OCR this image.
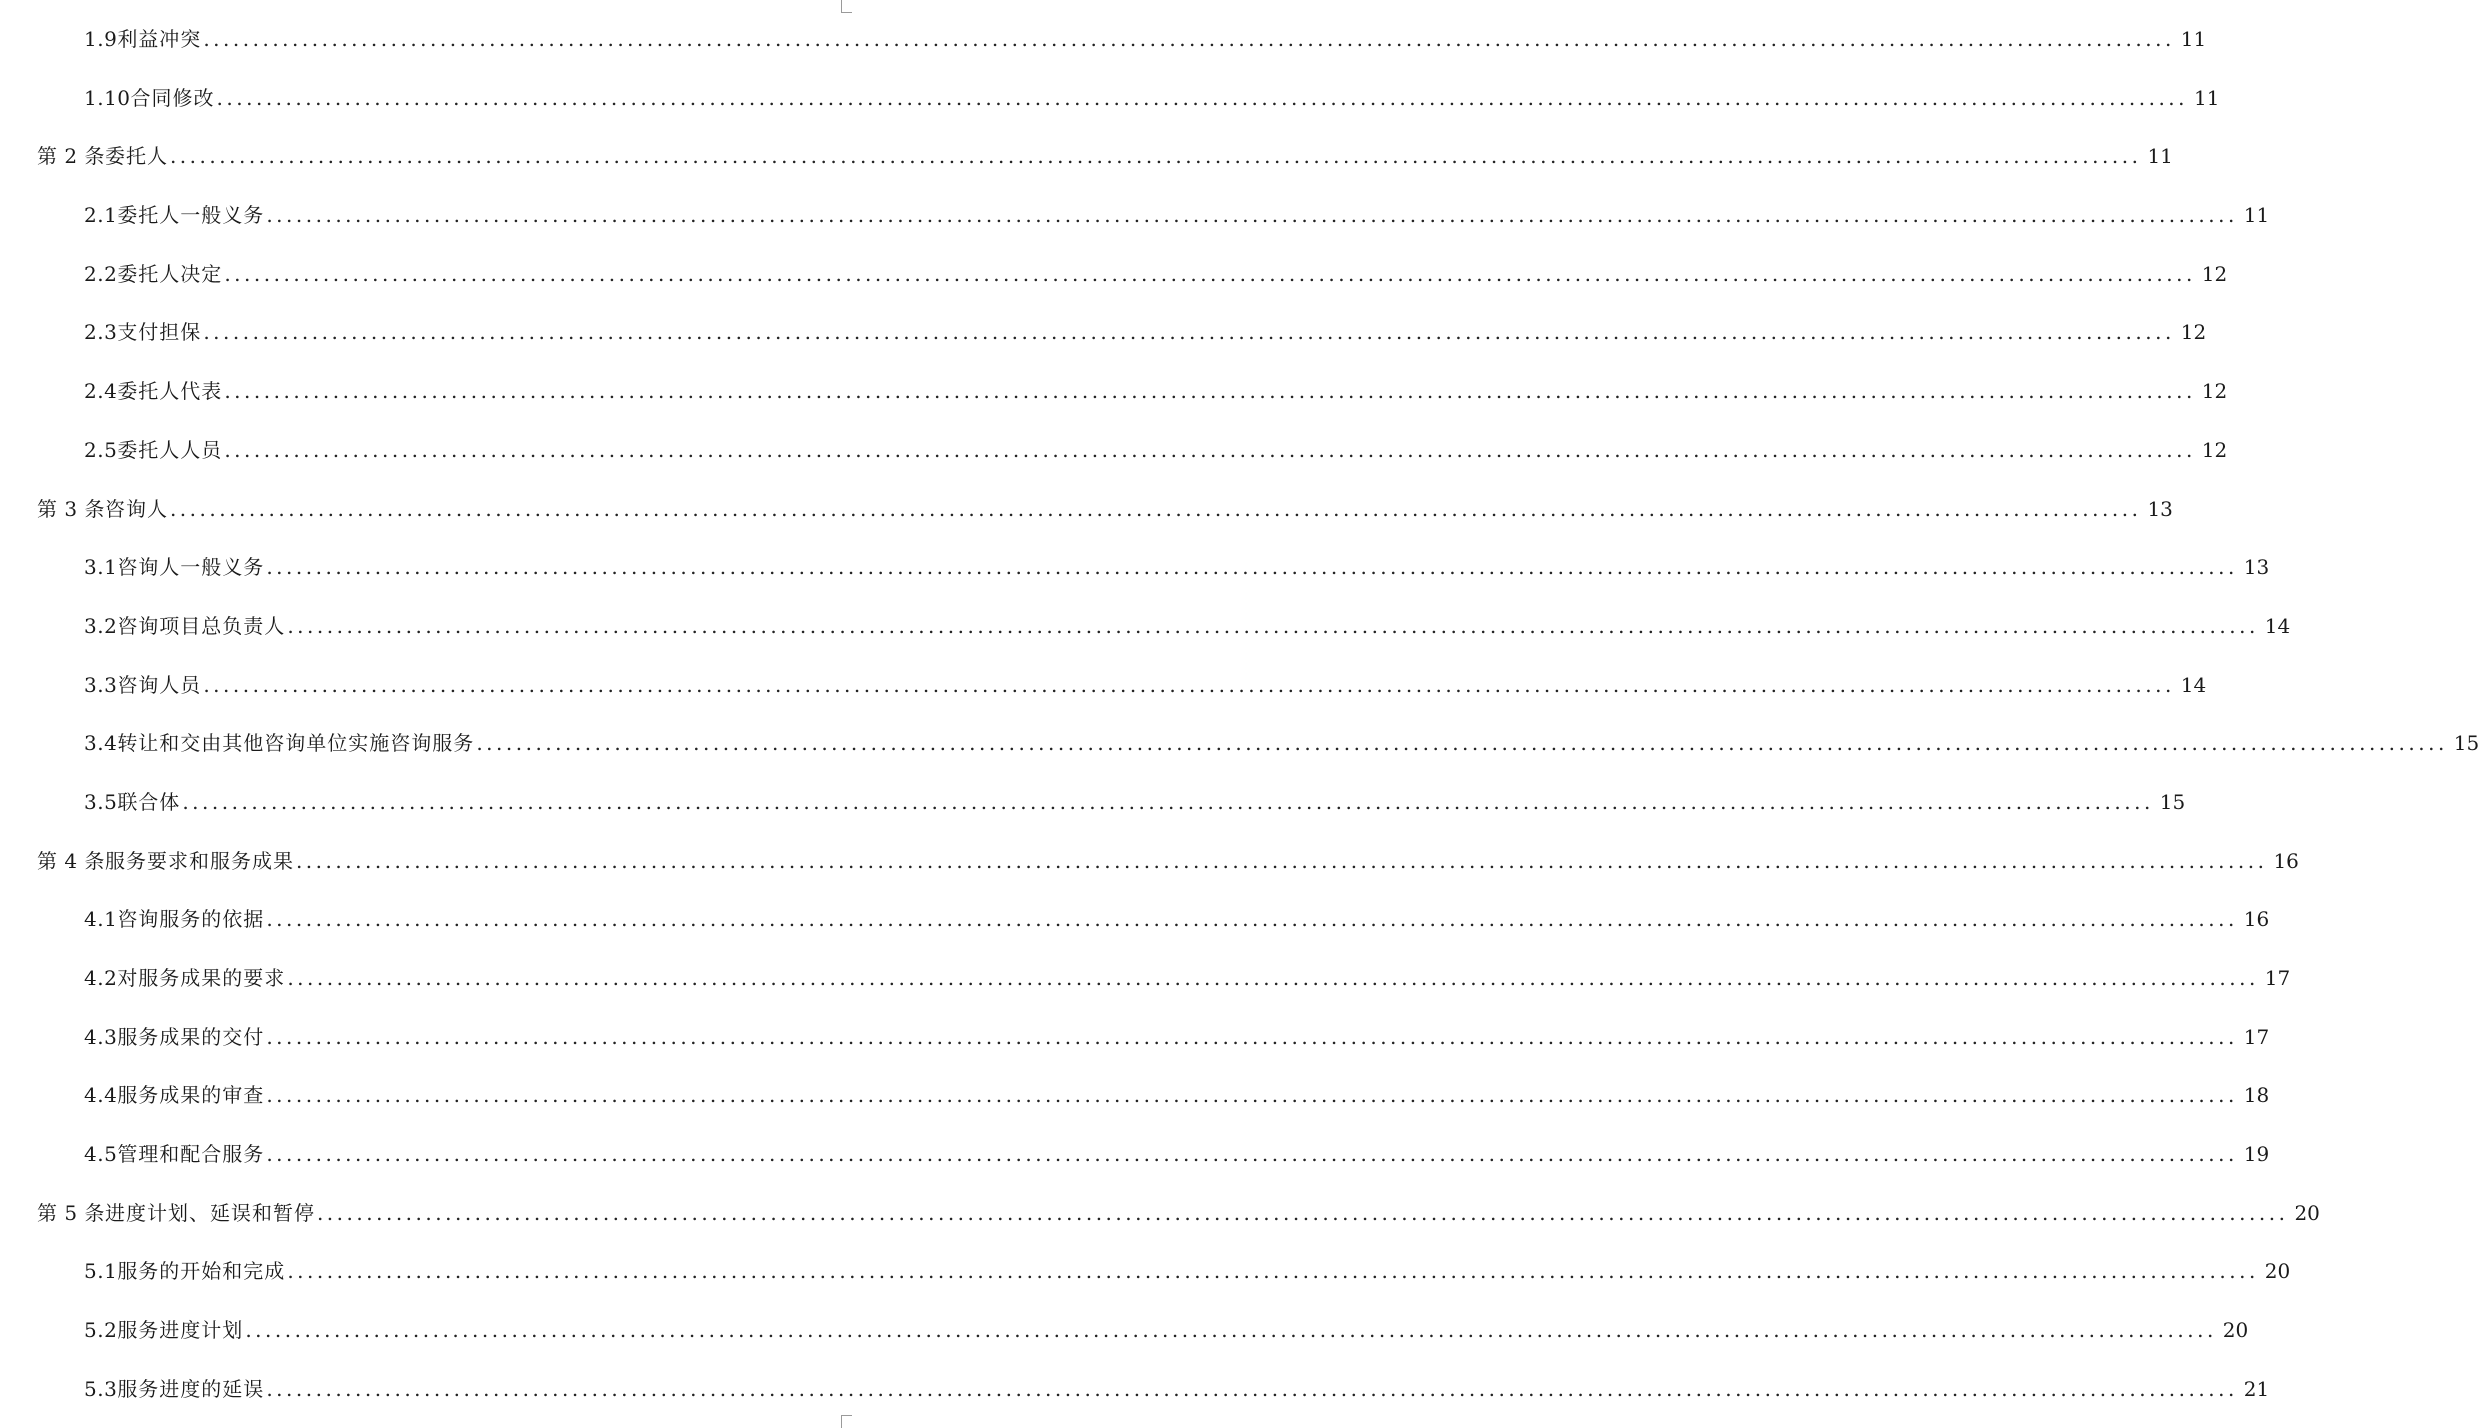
1.9 利益冲突 ........................................................................................................................................................................................................ 11
1.10 合同修改 ........................................................................................................................................................................................................ 11
第 2 条 委托人 ........................................................................................................................................................................................................ 11
2.1 委托人一般义务 ........................................................................................................................................................................................................ 11
2.2 委托人决定 ........................................................................................................................................................................................................ 12
2.3 支付担保 ........................................................................................................................................................................................................ 12
2.4 委托人代表 ........................................................................................................................................................................................................ 12
2.5 委托人人员 ........................................................................................................................................................................................................ 12
第 3 条 咨询人 ........................................................................................................................................................................................................ 13
3.1 咨询人一般义务 ........................................................................................................................................................................................................ 13
3.2 咨询项目总负责人 ........................................................................................................................................................................................................ 14
3.3 咨询人员 ........................................................................................................................................................................................................ 14
3.4 转让和交由其他咨询单位实施咨询服务 ........................................................................................................................................................................................................ 15
3.5 联合体 ........................................................................................................................................................................................................ 15
第 4 条 服务要求和服务成果 ........................................................................................................................................................................................................ 16
4.1 咨询服务的依据 ........................................................................................................................................................................................................ 16
4.2 对服务成果的要求 ........................................................................................................................................................................................................ 17
4.3 服务成果的交付 ........................................................................................................................................................................................................ 17
4.4 服务成果的审查 ........................................................................................................................................................................................................ 18
4.5 管理和配合服务 ........................................................................................................................................................................................................ 19
第 5 条 进度计划、延误和暂停 ........................................................................................................................................................................................................ 20
5.1 服务的开始和完成 ........................................................................................................................................................................................................ 20
5.2 服务进度计划 ........................................................................................................................................................................................................ 20
5.3 服务进度的延误 ........................................................................................................................................................................................................ 21
